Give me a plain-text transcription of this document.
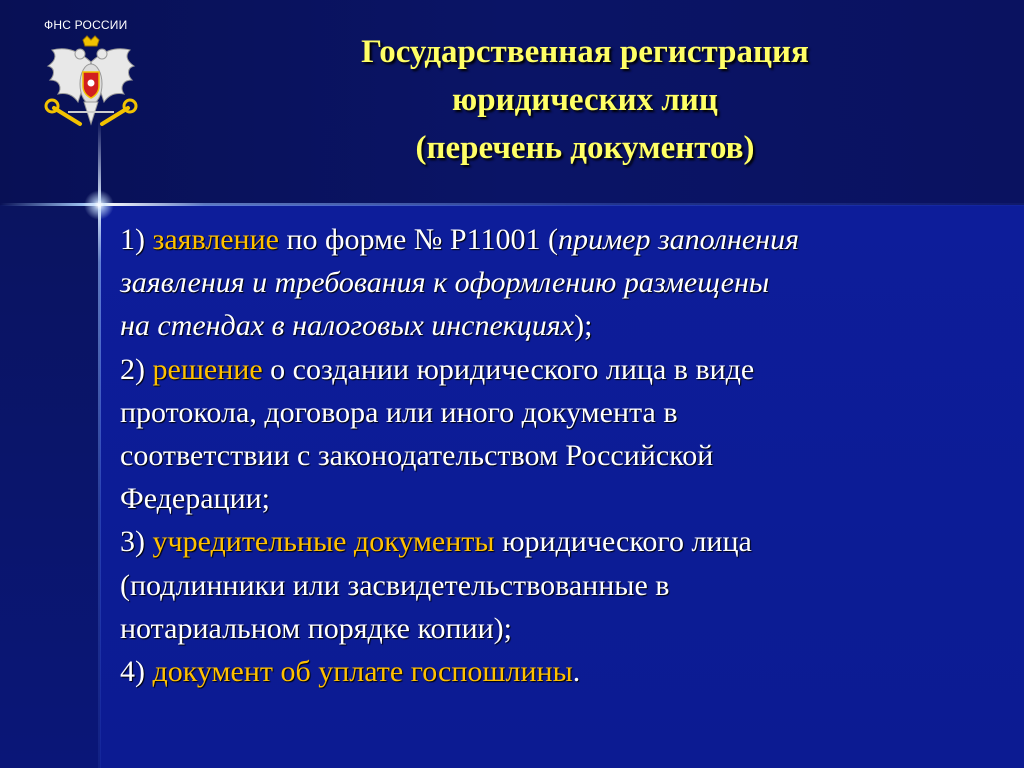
ФНС РОССИИ
Государственная регистрация
юридических лиц
(перечень документов)
1) заявление по форме № Р11001 (пример заполнения
заявления и требования к оформлению размещены
на стендах в налоговых инспекциях);
2) решение о создании юридического лица в виде
протокола, договора или иного документа в
соответствии с законодательством Российской
Федерации;
3) учредительные документы юридического лица
(подлинники или засвидетельствованные в
нотариальном порядке копии);
4) документ об уплате госпошлины.
